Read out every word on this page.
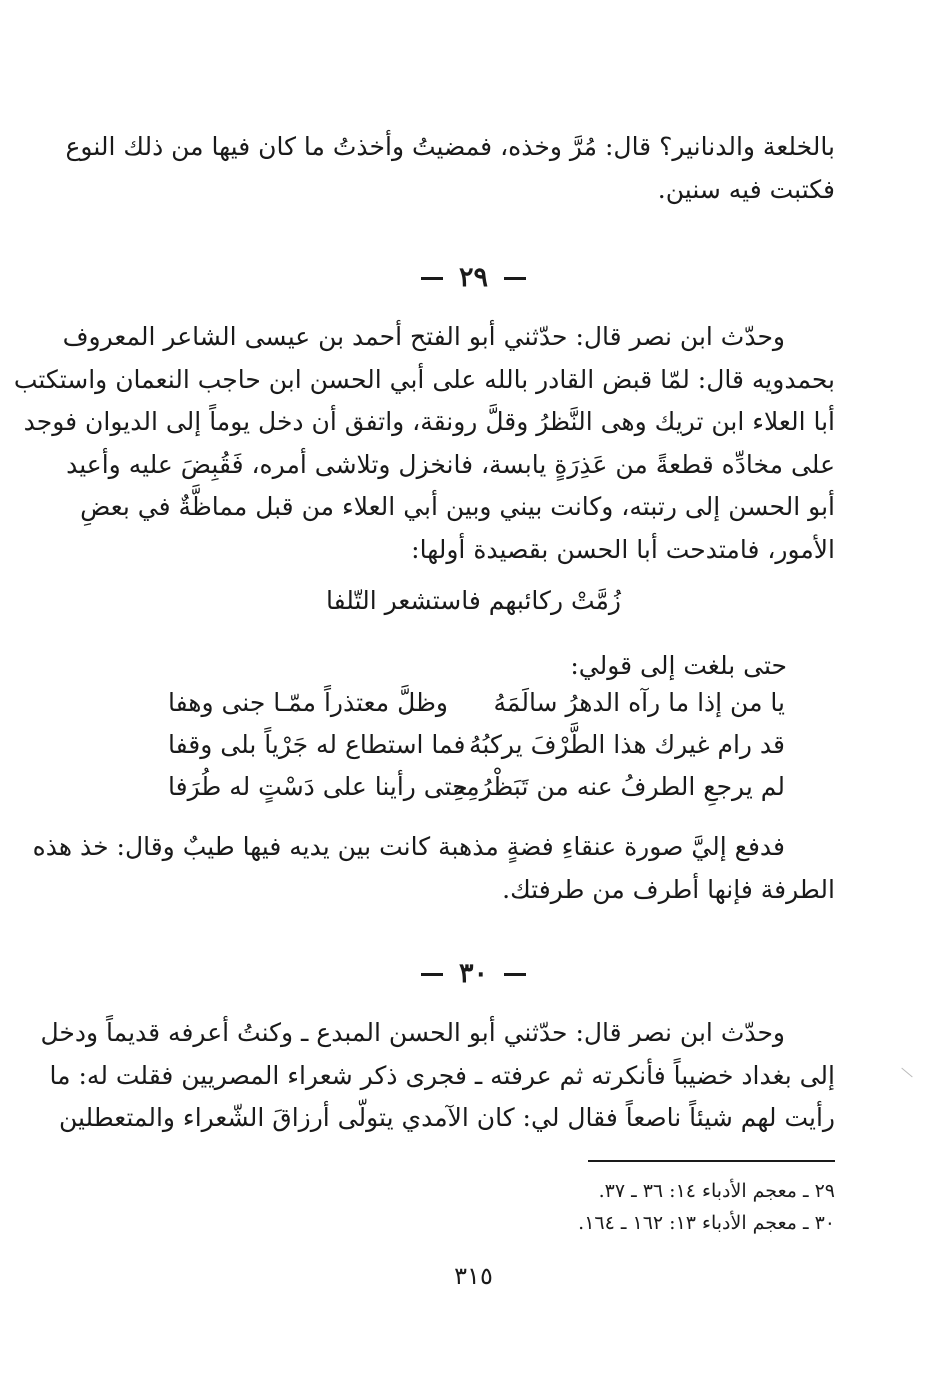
بالخلعة والدنانير؟ قال: مُرَّ وخذه، فمضيتُ وأخذتُ ما كان فيها من ذلك النوع
فكتبت فيه سنين.
٢٩
وحدّث ابن نصر قال: حدّثني أبو الفتح أحمد بن عيسى الشاعر المعروف
بحمدويه قال: لمّا قبض القادر بالله على أبي الحسن ابن حاجب النعمان واستكتب
أبا العلاء ابن تريك وهى النَّظرُ وقلَّ رونقة، واتفق أن دخل يوماً إلى الديوان فوجد
على مخادِّه قطعةً من عَذِرَةٍ يابسة، فانخزل وتلاشى أمره، فَقُبِضَ عليه وأعيد
أبو الحسن إلى رتبته، وكانت بيني وبين أبي العلاء من قبل مماظَّةٌ في بعضِ
الأمور، فامتدحت أبا الحسن بقصيدة أولها:
زُمَّتْ ركائبهم فاستشعر التّلفا
حتى بلغت إلى قولي:
يا من إذا ما رآه الدهرُ سالَمَهُ
وظلَّ معتذراً ممّـا جنى وهفا
قد رام غيرك هذا الطَّرْفَ يركبُهُ
فما استطاع له جَرْياً بلى وقفا
لم يرجعِ الطرفُ عنه من تَبَظْرُمِهِ
حتى رأينا على دَسْتٍ له طُرَفا
فدفع إليَّ صورة عنقاءِ فضةٍ مذهبة كانت بين يديه فيها طيبٌ وقال: خذ هذه
الطرفة فإنها أطرف من طرفتك.
٣٠
وحدّث ابن نصر قال: حدّثني أبو الحسن المبدع ـ وكنتُ أعرفه قديماً ودخل
إلى بغداد خضيباً فأنكرته ثم عرفته ـ فجرى ذكر شعراء المصريين فقلت له: ما
رأيت لهم شيئاً ناصعاً فقال لي: كان الآمدي يتولّى أرزاقَ الشّعراء والمتعطلين
٢٩ ـ معجم الأدباء ١٤: ٣٦ ـ ٣٧.
٣٠ ـ معجم الأدباء ١٣: ١٦٢ ـ ١٦٤.
٣١٥
